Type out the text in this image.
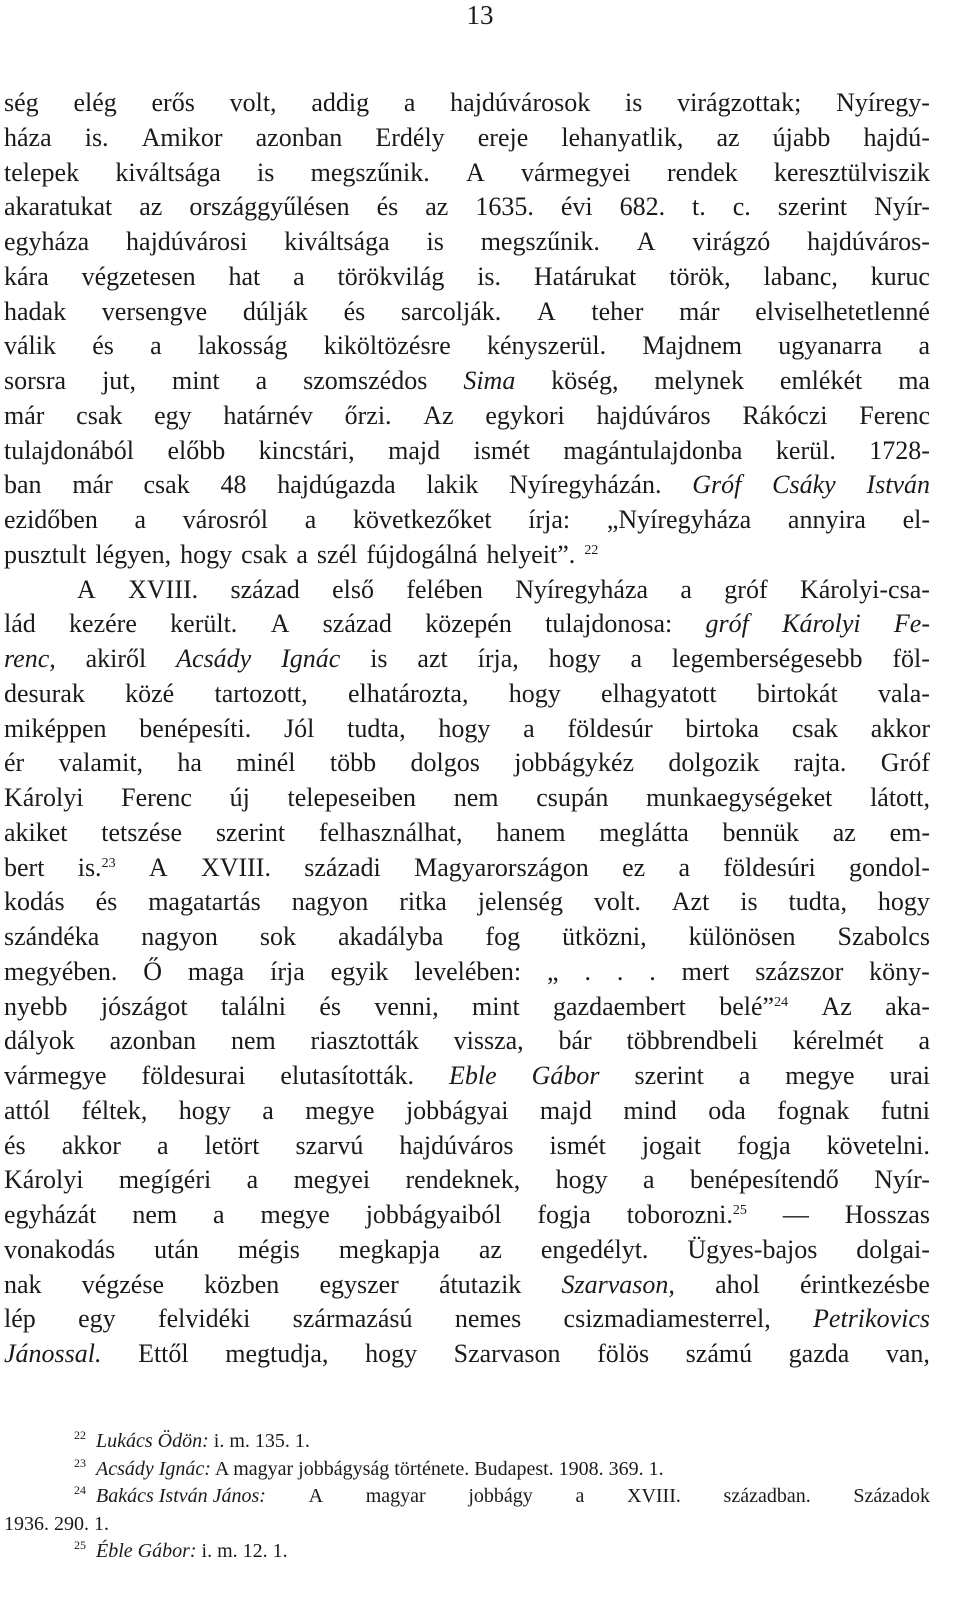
13
ség elég erős volt, addig a hajdúvárosok is virágzottak; Nyíregy-
háza is. Amikor azonban Erdély ereje lehanyatlik, az újabb hajdú-
telepek kiváltsága is megszűnik. A vármegyei rendek keresztülviszik
akaratukat az országgyűlésen és az 1635. évi 682. t. c. szerint Nyír-
egyháza hajdúvárosi kiváltsága is megszűnik. A virágzó hajdúváros-
kára végzetesen hat a törökvilág is. Határukat török, labanc, kuruc
hadak versengve dúlják és sarcolják. A teher már elviselhetetlenné
válik és a lakosság kiköltözésre kényszerül. Majdnem ugyanarra a
sorsra jut, mint a szomszédos Sima köség, melynek emlékét ma
már csak egy határnév őrzi. Az egykori hajdúváros Rákóczi Ferenc
tulajdonából előbb kincstári, majd ismét magántulajdonba kerül. 1728-
ban már csak 48 hajdúgazda lakik Nyíregyházán. Gróf Csáky István
ezidőben a városról a következőket írja: „Nyíregyháza annyira el-
pusztult légyen, hogy csak a szél fújdogálná helyeit”. $^{22}$
A XVIII. század első felében Nyíregyháza a gróf Károlyi-csa-
lád kezére került. A század közepén tulajdonosa: gróf Károlyi Fe-
renc, akiről Acsády Ignác is azt írja, hogy a legemberségesebb föl-
desurak közé tartozott, elhatározta, hogy elhagyatott birtokát vala-
miképpen benépesíti. Jól tudta, hogy a földesúr birtoka csak akkor
ér valamit, ha minél több dolgos jobbágykéz dolgozik rajta. Gróf
Károlyi Ferenc új telepeseiben nem csupán munkaegységeket látott,
akiket tetszése szerint felhasználhat, hanem meglátta bennük az em-
bert is.$^{23}$ A XVIII. századi Magyarországon ez a földesúri gondol-
kodás és magatartás nagyon ritka jelenség volt. Azt is tudta, hogy
szándéka nagyon sok akadályba fog ütközni, különösen Szabolcs
megyében. Ő maga írja egyik levelében: „ . . . mert százszor köny-
nyebb jószágot találni és venni, mint gazdaembert belé”$^{24}$ Az aka-
dályok azonban nem riasztották vissza, bár többrendbeli kérelmét a
vármegye földesurai elutasították. Eble Gábor szerint a megye urai
attól féltek, hogy a megye jobbágyai majd mind oda fognak futni
és akkor a letört szarvú hajdúváros ismét jogait fogja követelni.
Károlyi megígéri a megyei rendeknek, hogy a benépesítendő Nyír-
egyházát nem a megye jobbágyaiból fogja toborozni.$^{25}$ — Hosszas
vonakodás után mégis megkapja az engedélyt. Ügyes-bajos dolgai-
nak végzése közben egyszer átutazik Szarvason, ahol érintkezésbe
lép egy felvidéki származású nemes csizmadiamesterrel, Petrikovics
Jánossal. Ettől megtudja, hogy Szarvason fölös számú gazda van,
$^{22}$ Lukács Ödön: i. m. 135. 1.
$^{23}$ Acsády Ignác: A magyar jobbágyság története. Budapest. 1908. 369. 1.
$^{24}$ Bakács István János: A magyar jobbágy a XVIII. században. Századok
1936. 290. 1.
$^{25}$ Éble Gábor: i. m. 12. 1.
